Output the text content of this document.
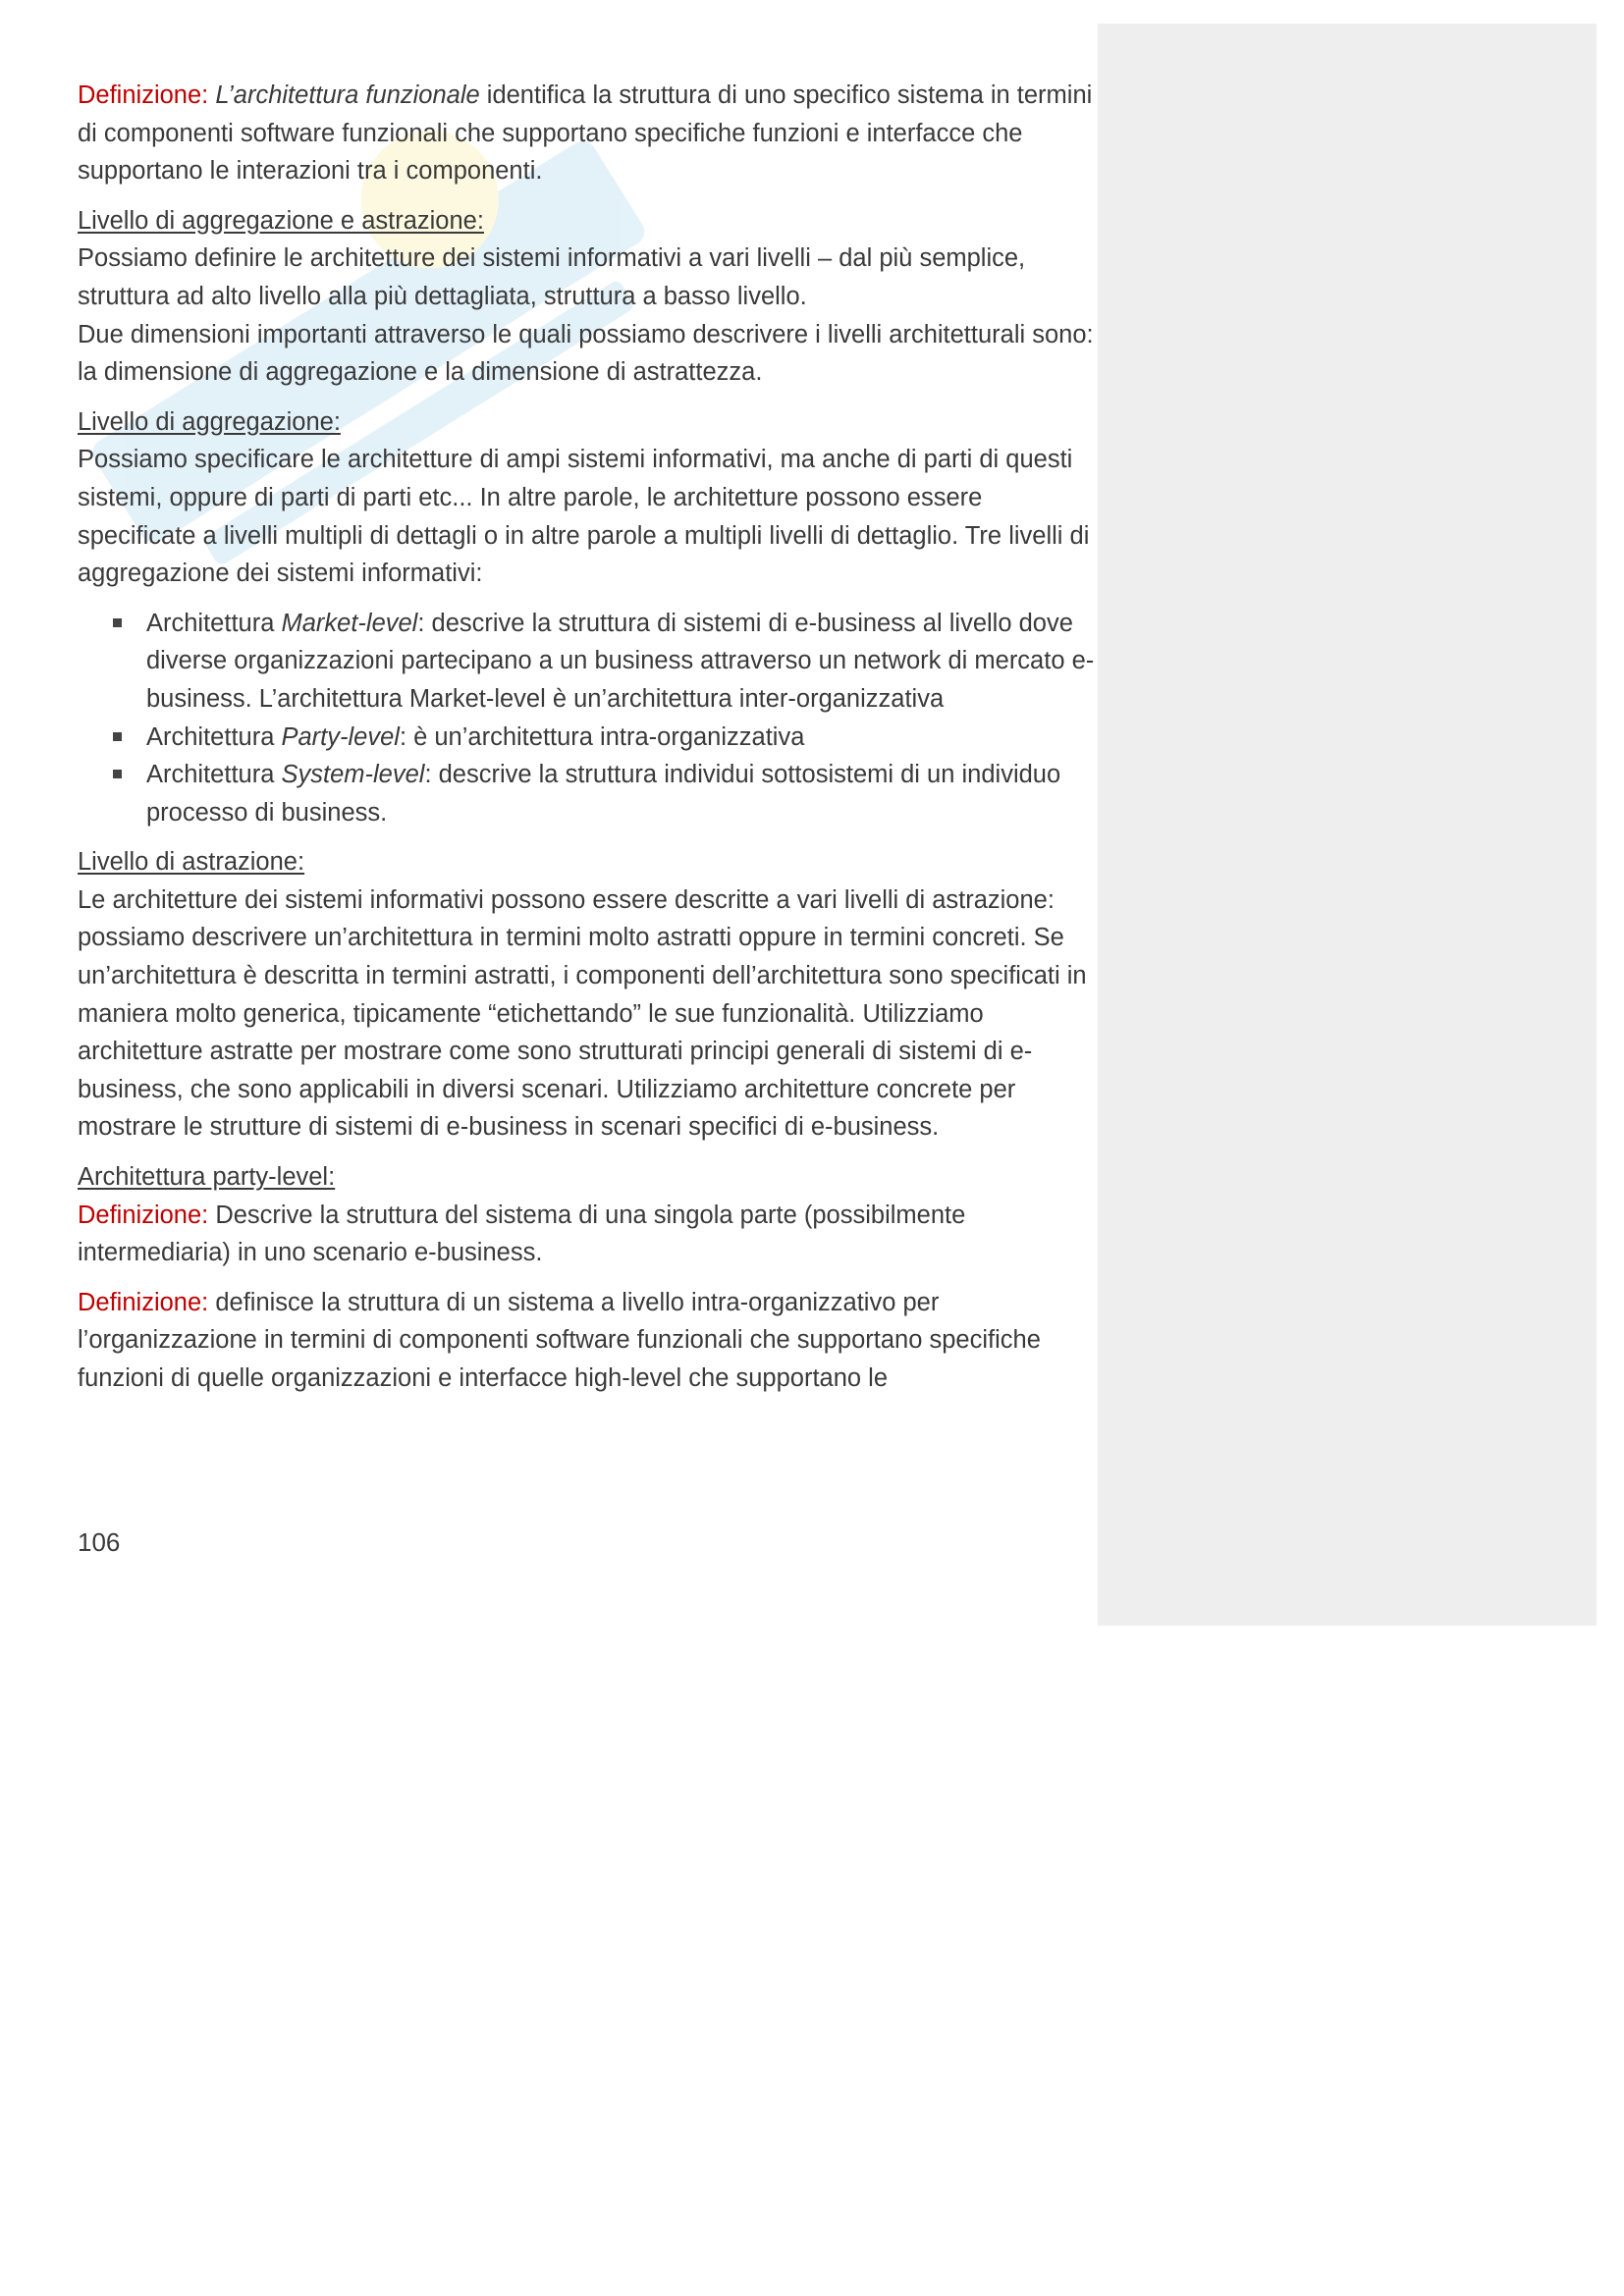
Definizione: L’architettura funzionale identifica la struttura di uno specifico sistema in termini di componenti software funzionali che supportano specifiche funzioni e interfacce che supportano le interazioni tra i componenti.

Livello di aggregazione e astrazione:

Possiamo definire le architetture dei sistemi informativi a vari livelli – dal più semplice, struttura ad alto livello alla più dettagliata, struttura a basso livello.

Due dimensioni importanti attraverso le quali possiamo descrivere i livelli architetturali sono: la dimensione di aggregazione e la dimensione di astrattezza.

Livello di aggregazione:

Possiamo specificare le architetture di ampi sistemi informativi, ma anche di parti di questi sistemi, oppure di parti di parti etc... In altre parole, le architetture possono essere specificate a livelli multipli di dettagli o in altre parole a multipli livelli di dettaglio. Tre livelli di aggregazione dei sistemi informativi:

Architettura Market-level: descrive la struttura di sistemi di e-business al livello dove diverse organizzazioni partecipano a un business attraverso un network di mercato e-business. L’architettura Market-level è un’architettura inter-organizzativa
Architettura Party-level: è un’architettura intra-organizzativa
Architettura System-level: descrive la struttura individui sottosistemi di un individuo processo di business.

Livello di astrazione:

Le architetture dei sistemi informativi possono essere descritte a vari livelli di astrazione: possiamo descrivere un’architettura in termini molto astratti oppure in termini concreti. Se un’architettura è descritta in termini astratti, i componenti dell’architettura sono specificati in maniera molto generica, tipicamente “etichettando” le sue funzionalità. Utilizziamo architetture astratte per mostrare come sono strutturati principi generali di sistemi di e-business, che sono applicabili in diversi scenari. Utilizziamo architetture concrete per mostrare le strutture di sistemi di e-business in scenari specifici di e-business.

Architettura party-level:

Definizione: Descrive la struttura del sistema di una singola parte (possibilmente intermediaria) in uno scenario e-business.

Definizione: definisce la struttura di un sistema a livello intra-organizzativo per l’organizzazione in termini di componenti software funzionali che supportano specifiche funzioni di quelle organizzazioni e interfacce high-level che supportano le

106
